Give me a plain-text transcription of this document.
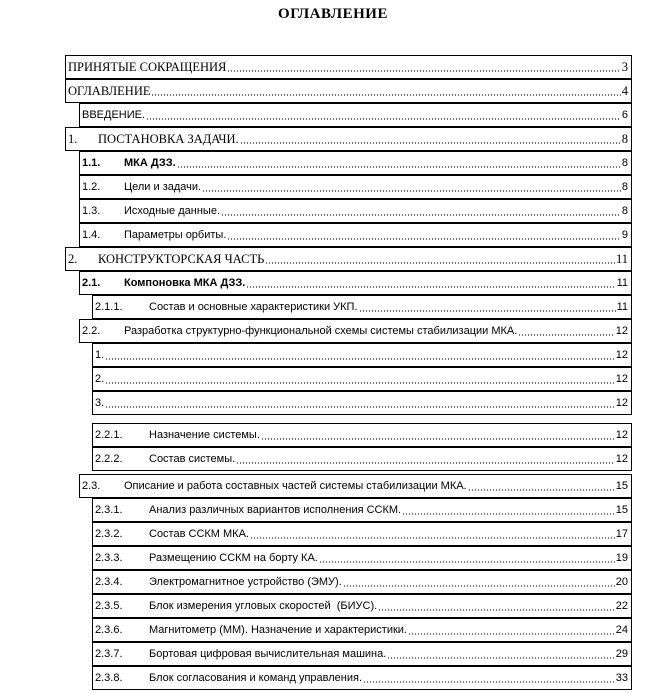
ОГЛАВЛЕНИЕ
ПРИНЯТЫЕ СОКРАЩЕНИЯ	3
ОГЛАВЛЕНИЕ	4
ВВЕДЕНИЕ.	6
1.	ПОСТАНОВКА ЗАДАЧИ.	8
1.1.	МКА ДЗЗ.	8
1.2.	Цели и задачи.	8
1.3.	Исходные данные.	8
1.4.	Параметры орбиты.	9
2.	КОНСТРУКТОРСКАЯ ЧАСТЬ	11
2.1.	Компоновка МКА ДЗЗ.	11
2.1.1.	Состав и основные характеристики УКП.	11
2.2.	Разработка структурно-функциональной схемы системы стабилизации МКА.	12
1.	12
2.	12
3.	12
2.2.1.	Назначение системы.	12
2.2.2.	Состав системы.	12
2.3.	Описание и работа составных частей системы стабилизации МКА.	15
2.3.1.	Анализ различных вариантов исполнения ССКМ.	15
2.3.2.	Состав ССКМ МКА.	17
2.3.3.	Размещению ССКМ на борту КА.	19
2.3.4.	Электромагнитное устройство (ЭМУ).	20
2.3.5.	Блок измерения угловых скоростей  (БИУС).	22
2.3.6.	Магнитометр (ММ). Назначение и характеристики.	24
2.3.7.	Бортовая цифровая вычислительная машина.	29
2.3.8.	Блок согласования и команд управления.	33
